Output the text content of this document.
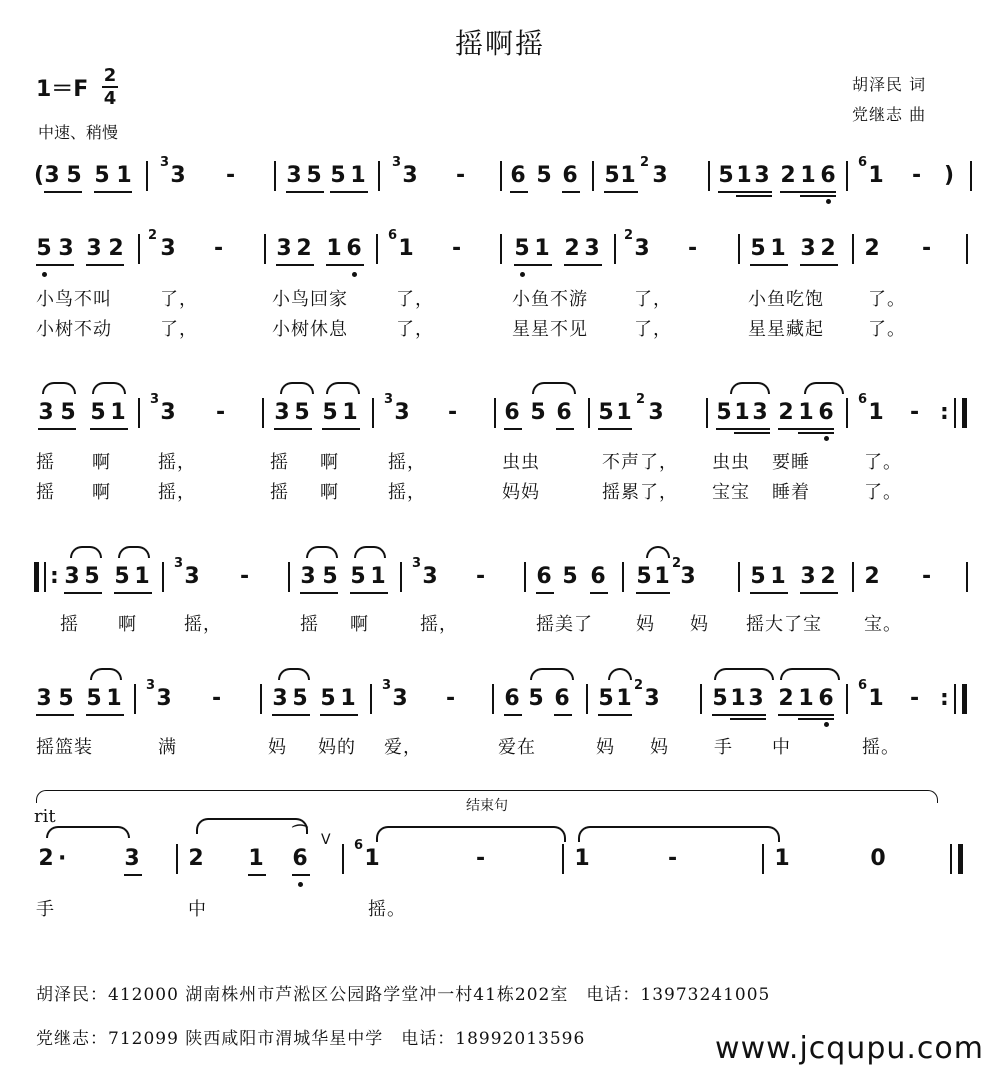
摇啊摇
1＝F
2
4
中速、稍慢
胡泽民 词
党继志 曲
( 3 5 5 1
3
3 - 3 5 5 1
3
3 - 6 5 6 5 1
2
3 5 1 3 2 1 6
6
1 - )
5 3 3 2
2
3 - 3 2 1 6
6
1 - 5 1 2 3
2
3 - 5 1 3 2 2 -
3 5 5 1
3
3 - 3 5 5 1
3
3 - 6 5 6 5 1
2
3 5 1 3 2 1 6
6
1 - :
: 3 5 5 1
3
3 - 3 5 5 1
3
3 - 6 5 6 5 1
2
3 5 1 3 2 2 -
3 5 5 1
3
3 - 3 5 5 1
3
3 - 6 5 6 5 1
2
3 5 1 3 2 1 6
6
1 - :
2 ·	3 2 1 6
⌒
6
1	-	1	-	1	0
小鸟不叫	了，	小鸟回家	了，	小鱼不游	了，	小鱼吃饱 了。
小树不动	了，	小树休息	了，	星星不见	了，	星星藏起 了。
摇 啊	摇，	摇 啊	摇，	虫虫	不声了， 虫虫 要睡	了。
摇 啊	摇，	摇 啊	摇，	妈妈	摇累了， 宝宝 睡着	了。
摇 啊	摇，	摇 啊	摇，	摇美了 妈 妈 摇大了宝 宝。
摇篮装	满	妈 妈的 爱，	爱在	妈 妈	手 中	摇。
手	中	摇。
rit	结束句
V
胡泽民：412000 湖南株州市芦淞区公园路学堂冲一村41栋202室　电话：13973241005
党继志：712099 陕西咸阳市渭城华星中学　电话：18992013596	www.jcqupu.com
